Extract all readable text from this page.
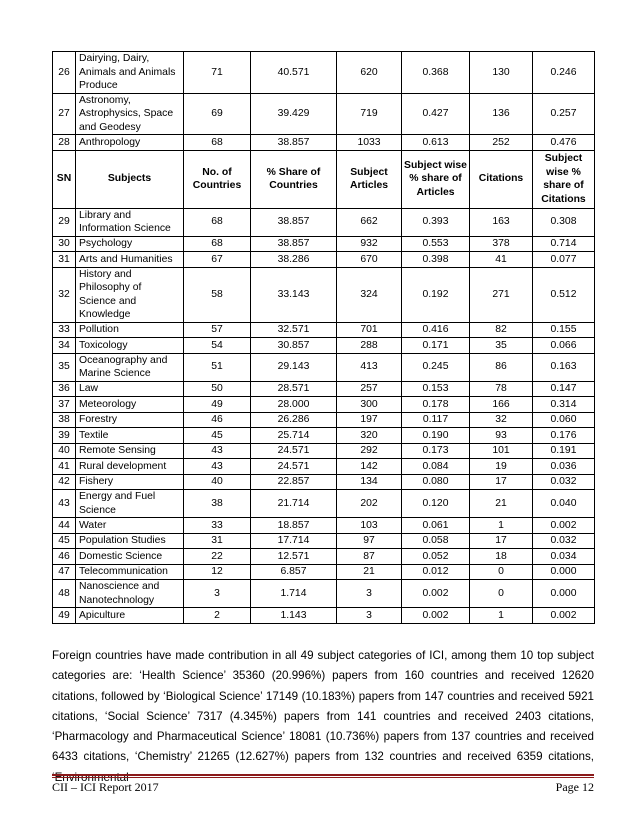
26	Dairying, Dairy, Animals and Animals Produce	71	40.571	620	0.368	130	0.246
27	Astronomy, Astrophysics, Space and Geodesy	69	39.429	719	0.427	136	0.257
28	Anthropology	68	38.857	1033	0.613	252	0.476
SN	Subjects	No. of Countries	% Share of Countries	Subject Articles	Subject wise % share of Articles	Citations	Subject wise % share of Citations
29	Library and Information Science	68	38.857	662	0.393	163	0.308
30	Psychology	68	38.857	932	0.553	378	0.714
31	Arts and Humanities	67	38.286	670	0.398	41	0.077
32	History and Philosophy of Science and Knowledge	58	33.143	324	0.192	271	0.512
33	Pollution	57	32.571	701	0.416	82	0.155
34	Toxicology	54	30.857	288	0.171	35	0.066
35	Oceanography and Marine Science	51	29.143	413	0.245	86	0.163
36	Law	50	28.571	257	0.153	78	0.147
37	Meteorology	49	28.000	300	0.178	166	0.314
38	Forestry	46	26.286	197	0.117	32	0.060
39	Textile	45	25.714	320	0.190	93	0.176
40	Remote Sensing	43	24.571	292	0.173	101	0.191
41	Rural development	43	24.571	142	0.084	19	0.036
42	Fishery	40	22.857	134	0.080	17	0.032
43	Energy and Fuel Science	38	21.714	202	0.120	21	0.040
44	Water	33	18.857	103	0.061	1	0.002
45	Population Studies	31	17.714	97	0.058	17	0.032
46	Domestic Science	22	12.571	87	0.052	18	0.034
47	Telecommunication	12	6.857	21	0.012	0	0.000
48	Nanoscience and Nanotechnology	3	1.714	3	0.002	0	0.000
49	Apiculture	2	1.143	3	0.002	1	0.002

Foreign countries have made contribution in all 49 subject categories of ICI, among them 10 top subject categories are: ‘Health Science’ 35360 (20.996%) papers from 160 countries and received 12620 citations, followed by ‘Biological Science’ 17149 (10.183%) papers from 147 countries and received 5921 citations, ‘Social Science’ 7317 (4.345%) papers from 141 countries and received 2403 citations, ‘Pharmacology and Pharmaceutical Science’ 18081 (10.736%) papers from 137 countries and received 6433 citations, ‘Chemistry’ 21265 (12.627%) papers from 132 countries and received 6359 citations,

CII – ICI Report 2017	Page 12
